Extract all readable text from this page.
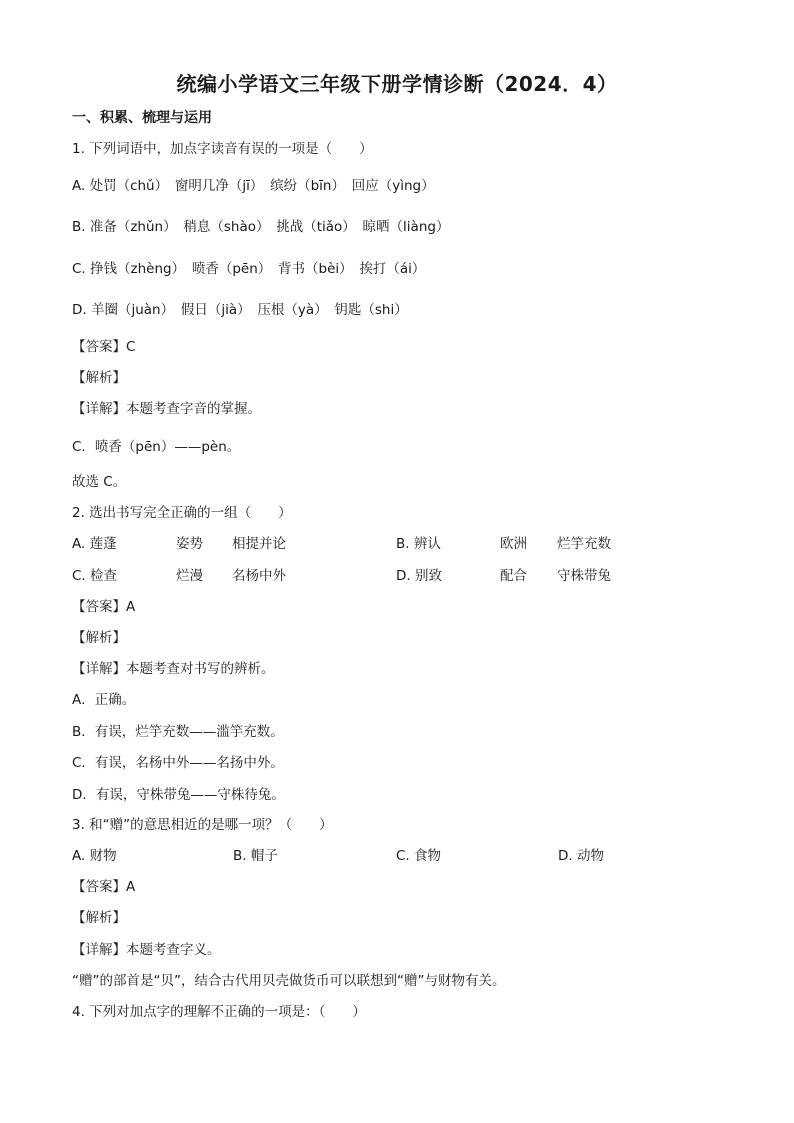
统编小学语文三年级下册学情诊断（2024．4）
一、积累、梳理与运用
1. 下列词语中，加点字读音有误的一项是（　　）
A. 处罚（chǔ）　窗明几净（jī）　缤纷（bīn）　回应（yìng）
B. 准备（zhǔn）　稍息（shào）　挑战（tiǎo）　晾晒（liàng）
C. 挣钱（zhèng）　喷香（pēn）　背书（bèi）　挨打（ái）
D. 羊圈（juàn）　假日（jià）　压根（yà）　钥匙（shi）
【答案】C
【解析】
【详解】本题考查字音的掌握。
C．喷香（pēn）——pèn。
故选 C。
2. 选出书写完全正确的一组（　　）
A. 莲蓬	姿势 相提并论	B. 辨认	欧洲 烂竽充数
C. 检查	烂漫 名杨中外	D. 别致	配合 守株带兔
【答案】A
【解析】
【详解】本题考查对书写的辨析。
A．正确。
B．有误，烂竽充数——滥竽充数。
C．有误，名杨中外——名扬中外。
D．有误，守株带兔——守株待兔。
3. 和“赠”的意思相近的是哪一项？（　　）
A. 财物	B. 帽子	C. 食物	D. 动物
【答案】A
【解析】
【详解】本题考查字义。
“赠”的部首是“贝”，结合古代用贝壳做货币可以联想到“赠”与财物有关。
4. 下列对加点字的理解不正确的一项是：（　　）
